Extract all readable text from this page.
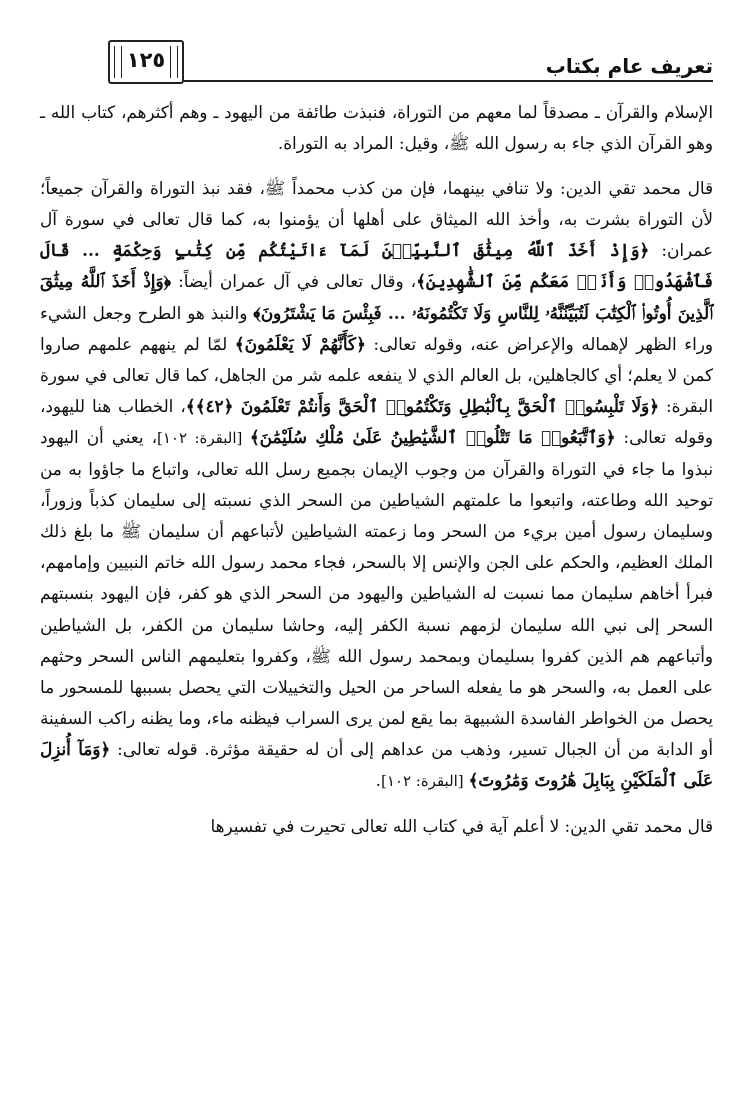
تعريف عام بكتاب
١٢٥

الإسلام والقرآن ـ مصدقاً لما معهم من التوراة، فنبذت طائفة من اليهود ـ وهم أكثرهم، كتاب الله ـ وهو القرآن الذي جاء به رسول الله ﷺ، وقيل: المراد به التوراة.

قال محمد تقي الدين: ولا تنافي بينهما، فإن من كذب محمداً ﷺ، فقد نبذ التوراة والقرآن جميعاً؛ لأن التوراة بشرت به، وأخذ الله الميثاق على أهلها أن يؤمنوا به، كما قال تعالى في سورة آل عمران: ﴿وَإِذْ أَخَذَ ٱللَّهُ مِيثَٰقَ ٱلنَّبِيِّـۧنَ لَمَآ ءَاتَيْتُكُم مِّن كِتَٰبٍ وَحِكْمَةٍ ... قَالَ فَٱشْهَدُوا۟ وَأَنَا۠ مَعَكُم مِّنَ ٱلشَّٰهِدِينَ﴾، وقال تعالى في آل عمران أيضاً: ﴿وَإِذْ أَخَذَ ٱللَّهُ مِيثَٰقَ ٱلَّذِينَ أُوتُوا۟ ٱلْكِتَٰبَ لَتُبَيِّنُنَّهُۥ لِلنَّاسِ وَلَا تَكْتُمُونَهُۥ ... فَبِئْسَ مَا يَشْتَرُونَ﴾ والنبذ هو الطرح وجعل الشيء وراء الظهر لإهماله والإعراض عنه، وقوله تعالى: ﴿كَأَنَّهُمْ لَا يَعْلَمُونَ﴾ لمّا لم ينههم علمهم صاروا كمن لا يعلم؛ أي كالجاهلين، بل العالم الذي لا ينفعه علمه شر من الجاهل، كما قال تعالى في سورة البقرة: ﴿وَلَا تَلْبِسُوا۟ ٱلْحَقَّ بِٱلْبَٰطِلِ وَتَكْتُمُوا۟ ٱلْحَقَّ وَأَنتُمْ تَعْلَمُونَ ﴿٤٢﴾﴾، الخطاب هنا لليهود، وقوله تعالى: ﴿وَٱتَّبَعُوا۟ مَا تَتْلُوا۟ ٱلشَّيَٰطِينُ عَلَىٰ مُلْكِ سُلَيْمَٰنَ﴾ [البقرة: ١٠٢]، يعني أن اليهود نبذوا ما جاء في التوراة والقرآن من وجوب الإيمان بجميع رسل الله تعالى، واتباع ما جاؤوا به من توحيد الله وطاعته، واتبعوا ما علمتهم الشياطين من السحر الذي نسبته إلى سليمان كذباً وزوراً، وسليمان رسول أمين بريء من السحر وما زعمته الشياطين لأتباعهم أن سليمان ﷺ ما بلغ ذلك الملك العظيم، والحكم على الجن والإنس إلا بالسحر، فجاء محمد رسول الله خاتم النبيين وإمامهم، فبرأ أخاهم سليمان مما نسبت له الشياطين واليهود من السحر الذي هو كفر، فإن اليهود بنسبتهم السحر إلى نبي الله سليمان لزمهم نسبة الكفر إليه، وحاشا سليمان من الكفر، بل الشياطين وأتباعهم هم الذين كفروا بسليمان وبمحمد رسول الله ﷺ، وكفروا بتعليمهم الناس السحر وحثهم على العمل به، والسحر هو ما يفعله الساحر من الحيل والتخييلات التي يحصل بسببها للمسحور ما يحصل من الخواطر الفاسدة الشبيهة بما يقع لمن يرى السراب فيظنه ماء، وما يظنه راكب السفينة أو الدابة من أن الجبال تسير، وذهب من عداهم إلى أن له حقيقة مؤثرة. قوله تعالى: ﴿وَمَآ أُنزِلَ عَلَى ٱلْمَلَكَيْنِ بِبَابِلَ هَٰرُوتَ وَمَٰرُوتَ﴾ [البقرة: ١٠٢].

قال محمد تقي الدين: لا أعلم آية في كتاب الله تعالى تحيرت في تفسيرها
